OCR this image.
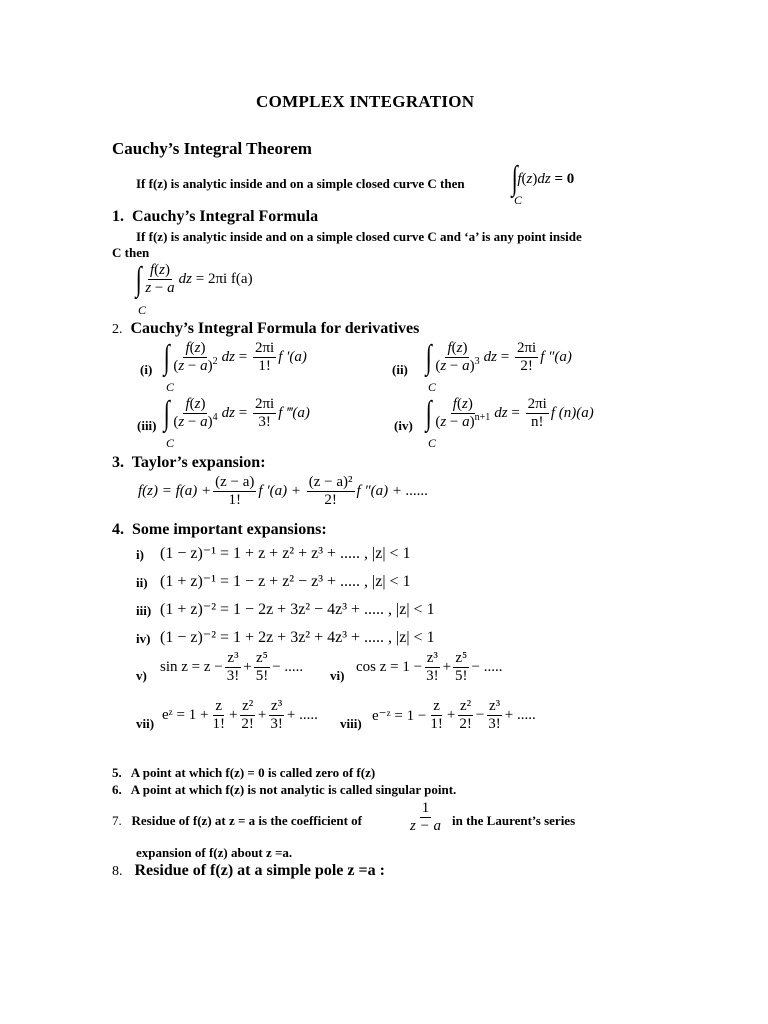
COMPLEX INTEGRATION
Cauchy’s Integral Theorem
If f(z) is analytic inside and on a simple closed curve C then ∫ f ( z ) dz
= 0
C
1. Cauchy’s Integral Formula
If f(z) is analytic inside and on a simple closed curve C and ‘a’ is any point inside
C then
∫ $\frac{f(z)}{z - a}$ dz
= 2πi f(a)
C
2. Cauchy’s Integral Formula for derivatives
(i) ∫ $\frac{f(z)}{(z - a)^2}$ dz = $\frac{2\pi i}{1!}$ f ′(a)
C
(ii) ∫ $\frac{f(z)}{(z - a)^3}$ dz = $\frac{2\pi i}{2!}$ f ″(a)
C
(iii) ∫ $\frac{f(z)}{(z - a)^4}$ dz = $\frac{2\pi i}{3!}$ f ‴(a)
C
(iv) ∫ $\frac{f(z)}{(z - a)^{n+1}}$ dz = $\frac{2\pi i}{n!}$ f (n)(a)
C
3. Taylor’s expansion:
$f(z) = f(a) + \frac{(z - a)}{1!}$ f ′(a) +
$\frac{\text{(z − a)²}}{2!}$ f ″(a) + ......
4. Some important expansions:
i) (1 − z)⁻¹ = 1 + z + z² + z³ + ..... , |z| < 1
ii) (1 + z)⁻¹ = 1 − z + z² − z³ + ..... , |z| < 1
iii) (1 + z)⁻² = 1 − 2z + 3z² − 4z³ + ..... , |z| < 1
iv) (1 − z)⁻² = 1 + 2z + 3z² + 4z³ + ..... , |z| < 1
v)
$\sin z = z - \frac{\text{z³}}{3!} + \frac{\text{z⁵}}{5!}$ − .....
vi)
$\cos z = 1 - \frac{\text{z³}}{3!} + \frac{\text{z⁵}}{5!}$ − .....
vii)
eᶻ = $1 + \frac{z}{1!} + \frac{\text{z²}}{2!} + \frac{\text{z³}}{3!}$ + .....
viii) e⁻ᶻ = $1 - \frac{z}{1!} + \frac{\text{z²}}{2!} - \frac{\text{z³}}{3!}$ + .....
5. A point at which f(z) = 0 is called zero of f(z)
6. A point at which f(z) is not analytic is called singular point.
7. Residue of f(z) at z = a is the coefficient of	$\frac{1}{z - a}$ in the Laurent’s series
expansion of f(z) about z =a.
8. Residue of f(z) at a simple pole z =a :
